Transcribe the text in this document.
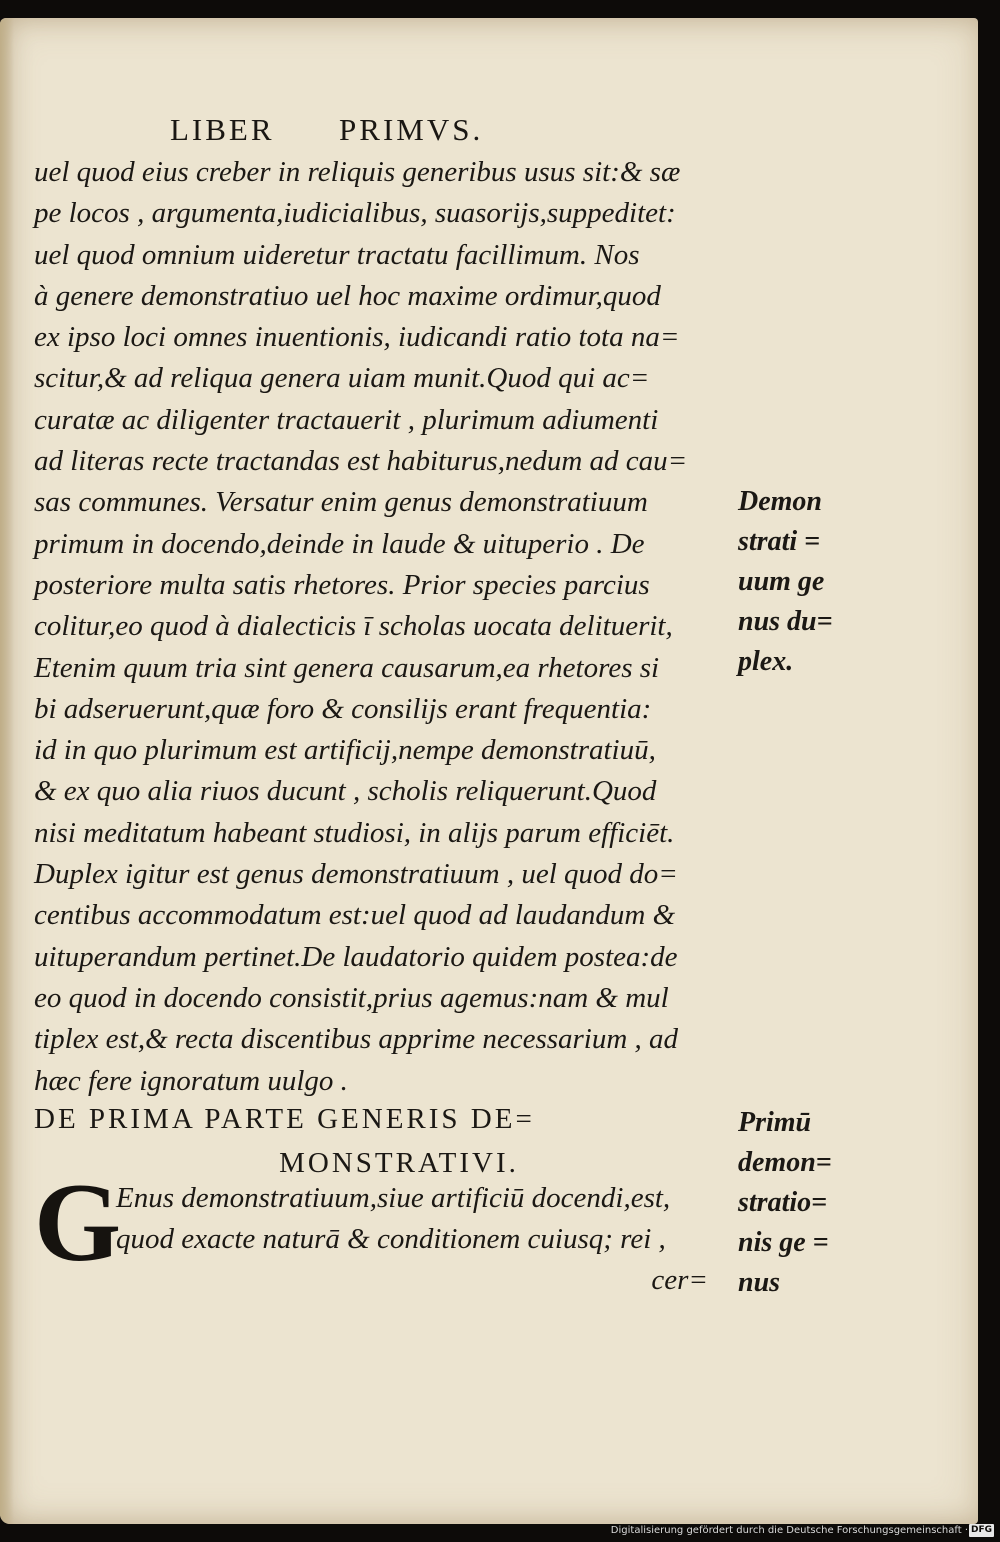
LIBER      PRIMVS.
uel quod eius creber in reliquis generibus usus sit:& sæ
pe locos , argumenta,iudicialibus, suasorijs,suppeditet:
uel quod omnium uideretur tractatu facillimum. Nos
à genere demonstratiuo uel hoc maxime ordimur,quod
ex ipso loci omnes inuentionis, iudicandi ratio tota na=
scitur,& ad reliqua genera uiam munit.Quod qui ac=
curatæ ac diligenter tractauerit , plurimum adiumenti
ad literas recte tractandas est habiturus,nedum ad cau=
sas communes. Versatur enim genus demonstratiuum
primum in docendo,deinde in laude & uituperio . De
posteriore multa satis rhetores. Prior species parcius
colitur,eo quod à dialecticis ī scholas uocata delituerit,
Etenim quum tria sint genera causarum,ea rhetores si
bi adseruerunt,quæ foro & consilijs erant frequentia:
id in quo plurimum est artificij,nempe demonstratiuū,
& ex quo alia riuos ducunt , scholis reliquerunt.Quod
nisi meditatum habeant studiosi, in alijs parum efficiēt.
Duplex igitur est genus demonstratiuum , uel quod do=
centibus accommodatum est:uel quod ad laudandum &
uituperandum pertinet.De laudatorio quidem postea:de
eo quod in docendo consistit,prius agemus:nam & mul
tiplex est,& recta discentibus apprime necessarium , ad
hæc fere ignoratum uulgo .
Demon
strati =
uum ge
nus du=
plex.
DE PRIMA PARTE GENERIS DE=
MONSTRATIVI.
G
Enus demonstratiuum,siue artificiū docendi,est,
quod exacte naturā & conditionem cuiusq; rei ,
cer=
Primū
demon=
stratio=
nis ge =
nus
Digitalisierung gefördert durch die Deutsche Forschungsgemeinschaft · DFG
